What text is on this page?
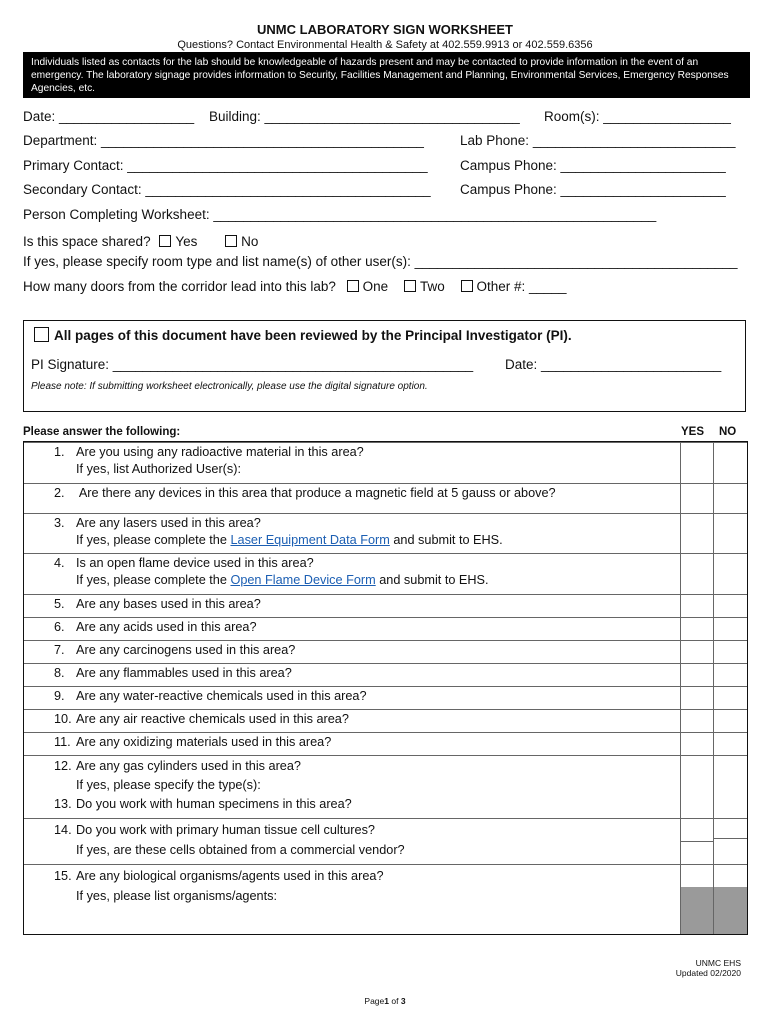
UNMC LABORATORY SIGN WORKSHEET
Questions? Contact Environmental Health & Safety at 402.559.9913 or 402.559.6356
Individuals listed as contacts for the lab should be knowledgeable of hazards present and may be contacted to provide information in the event of an emergency. The laboratory signage provides information to Security, Facilities Management and Planning, Environmental Services, Emergency Responses Agencies, etc.
Date: __________________ Building: __________________________________ Room(s): _________________
Department: ___________________________________________	Lab Phone: ___________________________
Primary Contact: ________________________________________ Campus Phone: ______________________
Secondary Contact: ______________________________________ Campus Phone: ______________________
Person Completing Worksheet: ___________________________________________________________
Is this space shared? Yes	No
If yes, please specify room type and list name(s) of other user(s): ___________________________________________
How many doors from the corridor lead into this lab? One Two Other #: _____
All pages of this document have been reviewed by the Principal Investigator (PI).
PI Signature: ________________________________________________ Date: ________________________
Please note: If submitting worksheet electronically, please use the digital signature option.
Please answer the following:	YES NO
1. Are you using any radioactive material in this area?
If yes, list Authorized User(s):
2. Are there any devices in this area that produce a magnetic field at 5 gauss or above?
3. Are any lasers used in this area?
If yes, please complete the Laser Equipment Data Form and submit to EHS.
4. Is an open flame device used in this area?
If yes, please complete the Open Flame Device Form and submit to EHS.
5. Are any bases used in this area?
6. Are any acids used in this area?
7. Are any carcinogens used in this area?
8. Are any flammables used in this area?
9. Are any water-reactive chemicals used in this area?
10. Are any air reactive chemicals used in this area?
11. Are any oxidizing materials used in this area?
12. Are any gas cylinders used in this area?
If yes, please specify the type(s):
13. Do you work with human specimens in this area?
14. Do you work with primary human tissue cell cultures?
If yes, are these cells obtained from a commercial vendor?
15. Are any biological organisms/agents used in this area?
If yes, please list organisms/agents:
UNMC EHS
Updated 02/2020
Page1 of 3
